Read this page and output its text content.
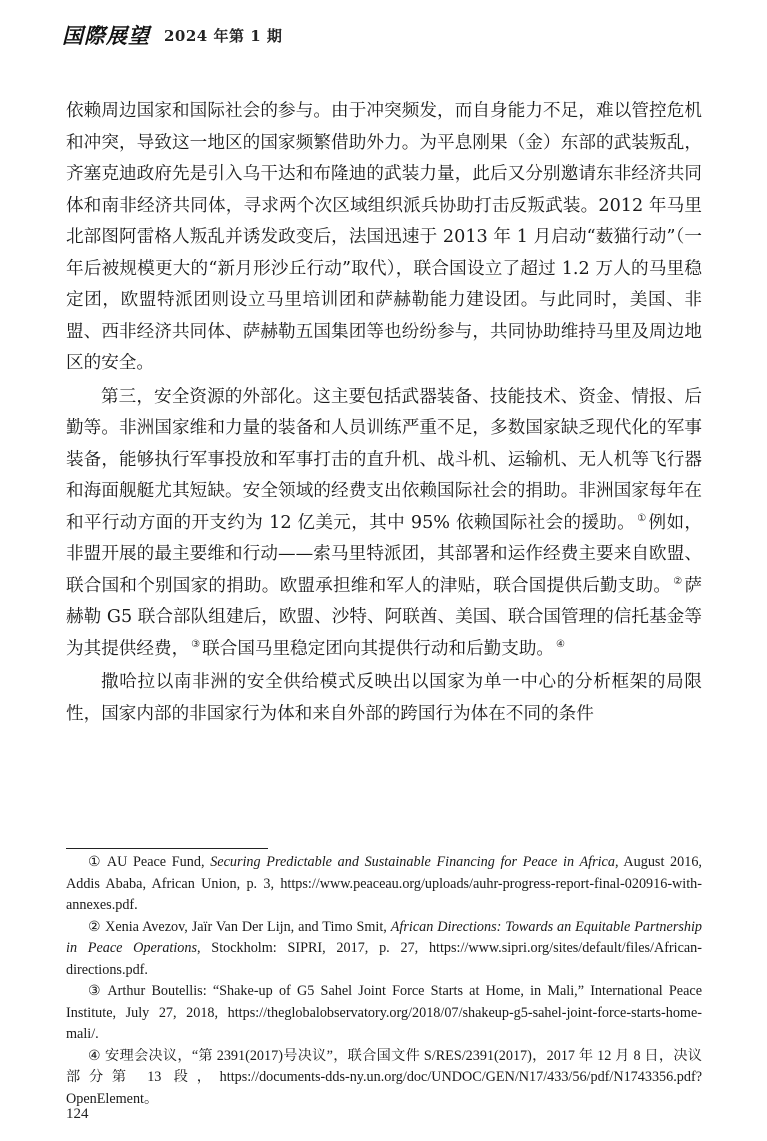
国際展望 2024 年第 1 期

依赖周边国家和国际社会的参与。由于冲突频发，而自身能力不足，难以管控危机和冲突，导致这一地区的国家频繁借助外力。为平息刚果（金）东部的武装叛乱，齐塞克迪政府先是引入乌干达和布隆迪的武装力量，此后又分别邀请东非经济共同体和南非经济共同体，寻求两个次区域组织派兵协助打击反叛武装。2012 年马里北部图阿雷格人叛乱并诱发政变后，法国迅速于 2013 年 1 月启动“薮猫行动”（一年后被规模更大的“新月形沙丘行动”取代），联合国设立了超过 1.2 万人的马里稳定团，欧盟特派团则设立马里培训团和萨赫勒能力建设团。与此同时，美国、非盟、西非经济共同体、萨赫勒五国集团等也纷纷参与，共同协助维持马里及周边地区的安全。

第三，安全资源的外部化。这主要包括武器装备、技能技术、资金、情报、后勤等。非洲国家维和力量的装备和人员训练严重不足，多数国家缺乏现代化的军事装备，能够执行军事投放和军事打击的直升机、战斗机、运输机、无人机等飞行器和海面舰艇尤其短缺。安全领域的经费支出依赖国际社会的捐助。非洲国家每年在和平行动方面的开支约为 12 亿美元，其中 95% 依赖国际社会的援助。 ① 例如，非盟开展的最主要维和行动——索马里特派团，其部署和运作经费主要来自欧盟、联合国和个别国家的捐助。欧盟承担维和军人的津贴，联合国提供后勤支助。 ② 萨赫勒 G5 联合部队组建后，欧盟、沙特、阿联酋、美国、联合国管理的信托基金等为其提供经费， ③ 联合国马里稳定团向其提供行动和后勤支助。 ④

撒哈拉以南非洲的安全供给模式反映出以国家为单一中心的分析框架的局限性，国家内部的非国家行为体和来自外部的跨国行为体在不同的条件

① AU Peace Fund, Securing Predictable and Sustainable Financing for Peace in Africa, August 2016, Addis Ababa, African Union, p. 3, https://www.peaceau.org/uploads/auhr-progress-report-final-020916-with-annexes.pdf.

② Xenia Avezov, Jaïr Van Der Lijn, and Timo Smit, African Directions: Towards an Equitable Partnership in Peace Operations, Stockholm: SIPRI, 2017, p. 27, https://www.sipri.org/sites/default/files/African-directions.pdf.

③ Arthur Boutellis: “Shake-up of G5 Sahel Joint Force Starts at Home, in Mali,” International Peace Institute, July 27, 2018, https://theglobalobservatory.org/2018/07/shakeup-g5-sahel-joint-force-starts-home-mali/.

④ 安理会决议，“第 2391(2017)号决议”，联合国文件 S/RES/2391(2017)，2017 年 12 月 8 日，决议部分第 13 段，https://documents-dds-ny.un.org/doc/UNDOC/GEN/N17/433/56/pdf/N1743356.pdf?OpenElement。

124
